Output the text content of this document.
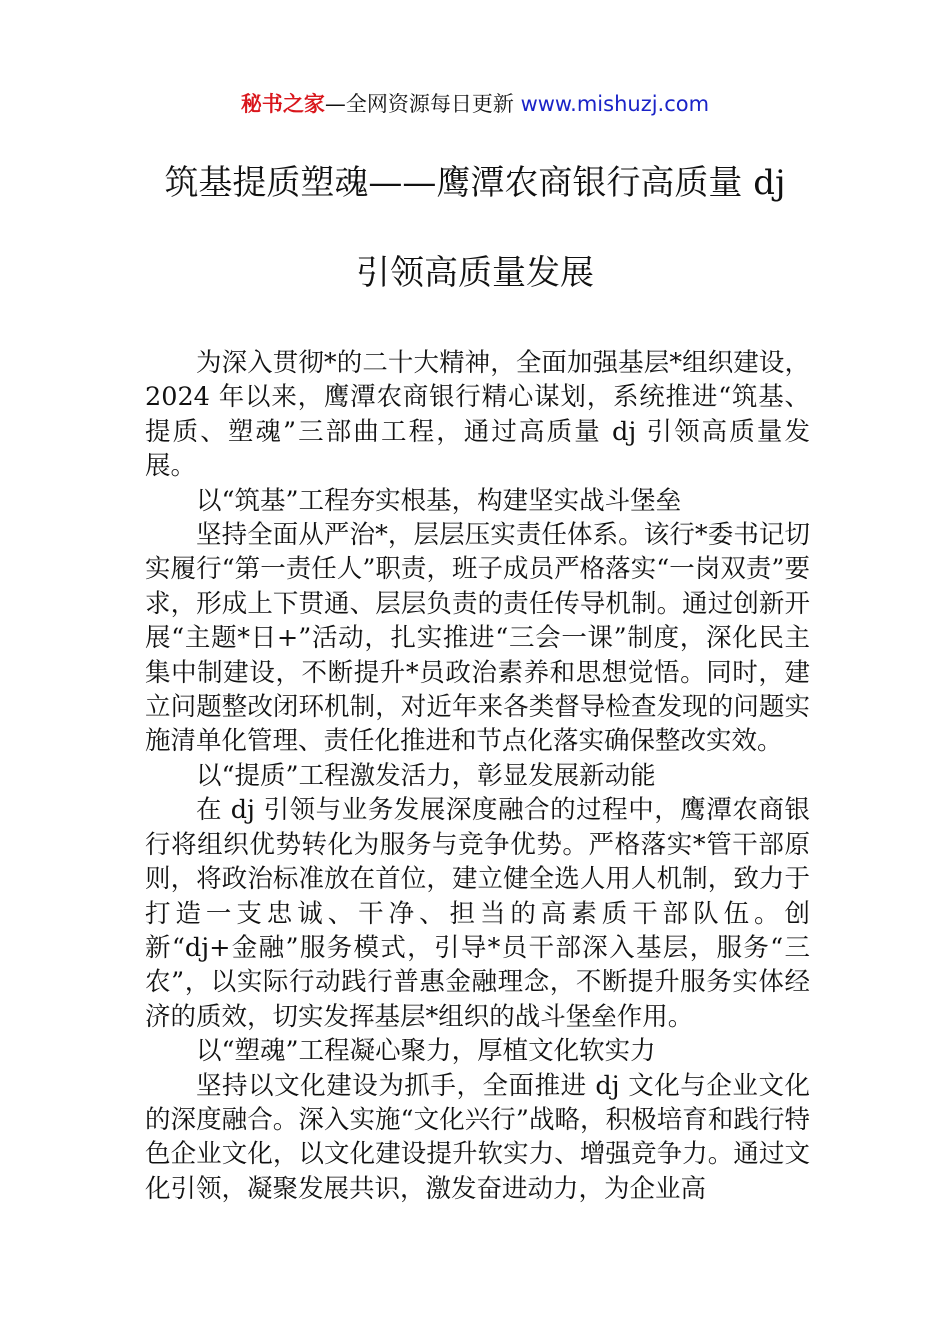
秘书之家—全网资源每日更新 www.mishuzj.com

筑基提质塑魂——鹰潭农商银行高质量 dj

引领高质量发展

为深入贯彻*的二十大精神，全面加强基层*组织建设，2024 年以来，鹰潭农商银行精心谋划，系统推进“筑基、提质、塑魂”三部曲工程，通过高质量 dj 引领高质量发展。

以“筑基”工程夯实根基，构建坚实战斗堡垒

坚持全面从严治*，层层压实责任体系。该行*委书记切实履行“第一责任人”职责，班子成员严格落实“一岗双责”要求，形成上下贯通、层层负责的责任传导机制。通过创新开展“主题*日+”活动，扎实推进“三会一课”制度，深化民主集中制建设，不断提升*员政治素养和思想觉悟。同时，建立问题整改闭环机制，对近年来各类督导检查发现的问题实施清单化管理、责任化推进和节点化落实确保整改实效。

以“提质”工程激发活力，彰显发展新动能

在 dj 引领与业务发展深度融合的过程中，鹰潭农商银行将组织优势转化为服务与竞争优势。严格落实*管干部原则，将政治标准放在首位，建立健全选人用人机制，致力于打造一支忠诚、干净、担当的高素质干部队伍。创新“dj+金融”服务模式，引导*员干部深入基层，服务“三农”，以实际行动践行普惠金融理念，不断提升服务实体经济的质效，切实发挥基层*组织的战斗堡垒作用。

以“塑魂”工程凝心聚力，厚植文化软实力

坚持以文化建设为抓手，全面推进 dj 文化与企业文化的深度融合。深入实施“文化兴行”战略，积极培育和践行特色企业文化，以文化建设提升软实力、增强竞争力。通过文化引领，凝聚发展共识，激发奋进动力，为企业高
